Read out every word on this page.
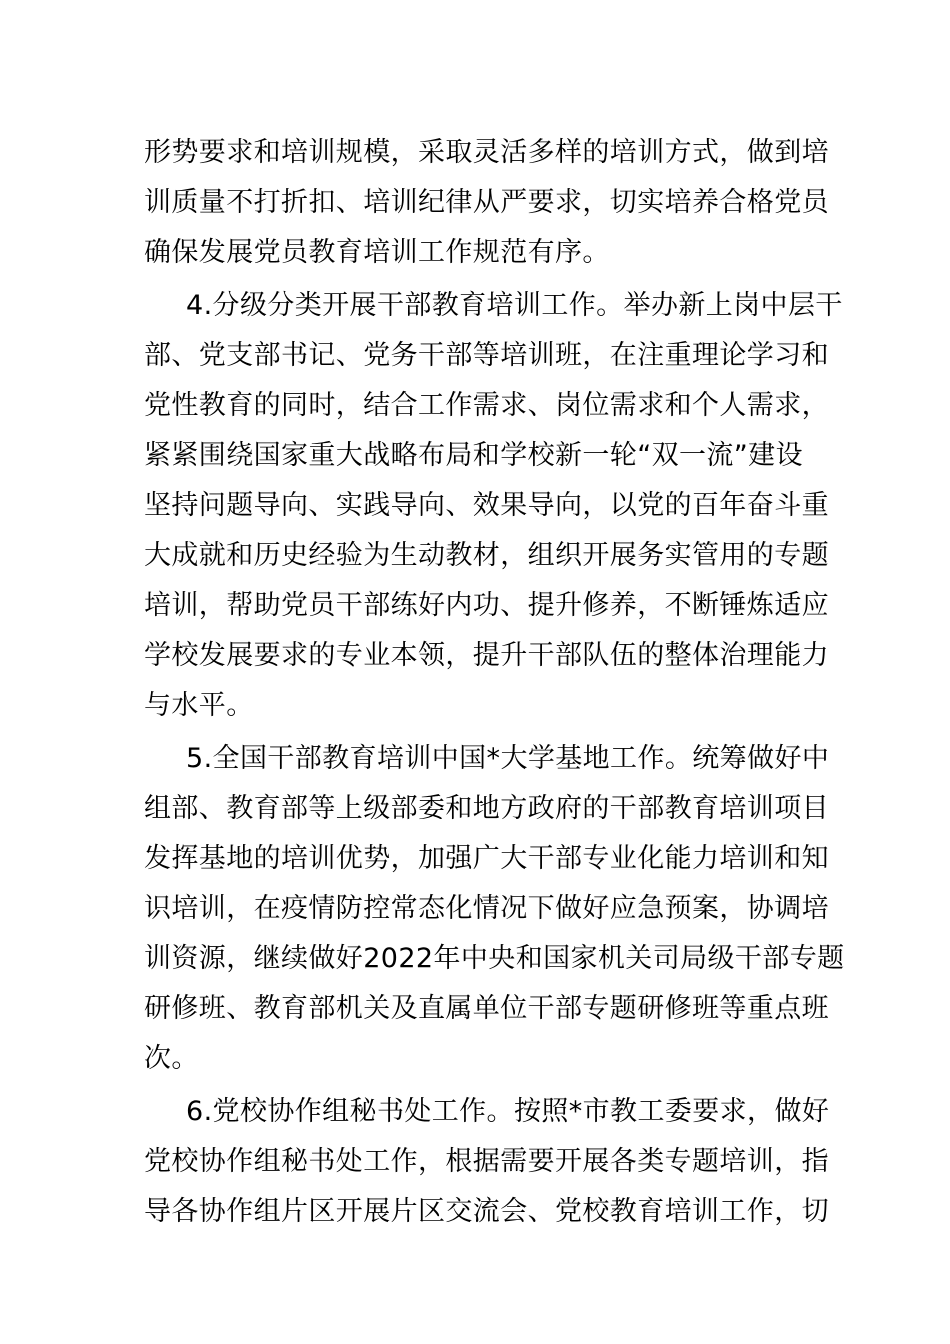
形势要求和培训规模，采取灵活多样的培训方式，做到培
训质量不打折扣、培训纪律从严要求，切实培养合格党员
确保发展党员教育培训工作规范有序。
4.分级分类开展干部教育培训工作。举办新上岗中层干
部、党支部书记、党务干部等培训班，在注重理论学习和
党性教育的同时，结合工作需求、岗位需求和个人需求，
紧紧围绕国家重大战略布局和学校新一轮“双一流”建设
坚持问题导向、实践导向、效果导向，以党的百年奋斗重
大成就和历史经验为生动教材，组织开展务实管用的专题
培训，帮助党员干部练好内功、提升修养，不断锤炼适应
学校发展要求的专业本领，提升干部队伍的整体治理能力
与水平。
5.全国干部教育培训中国*大学基地工作。统筹做好中
组部、教育部等上级部委和地方政府的干部教育培训项目
发挥基地的培训优势，加强广大干部专业化能力培训和知
识培训，在疫情防控常态化情况下做好应急预案，协调培
训资源，继续做好2022年中央和国家机关司局级干部专题
研修班、教育部机关及直属单位干部专题研修班等重点班
次。
6.党校协作组秘书处工作。按照*市教工委要求，做好
党校协作组秘书处工作，根据需要开展各类专题培训，指
导各协作组片区开展片区交流会、党校教育培训工作，切
